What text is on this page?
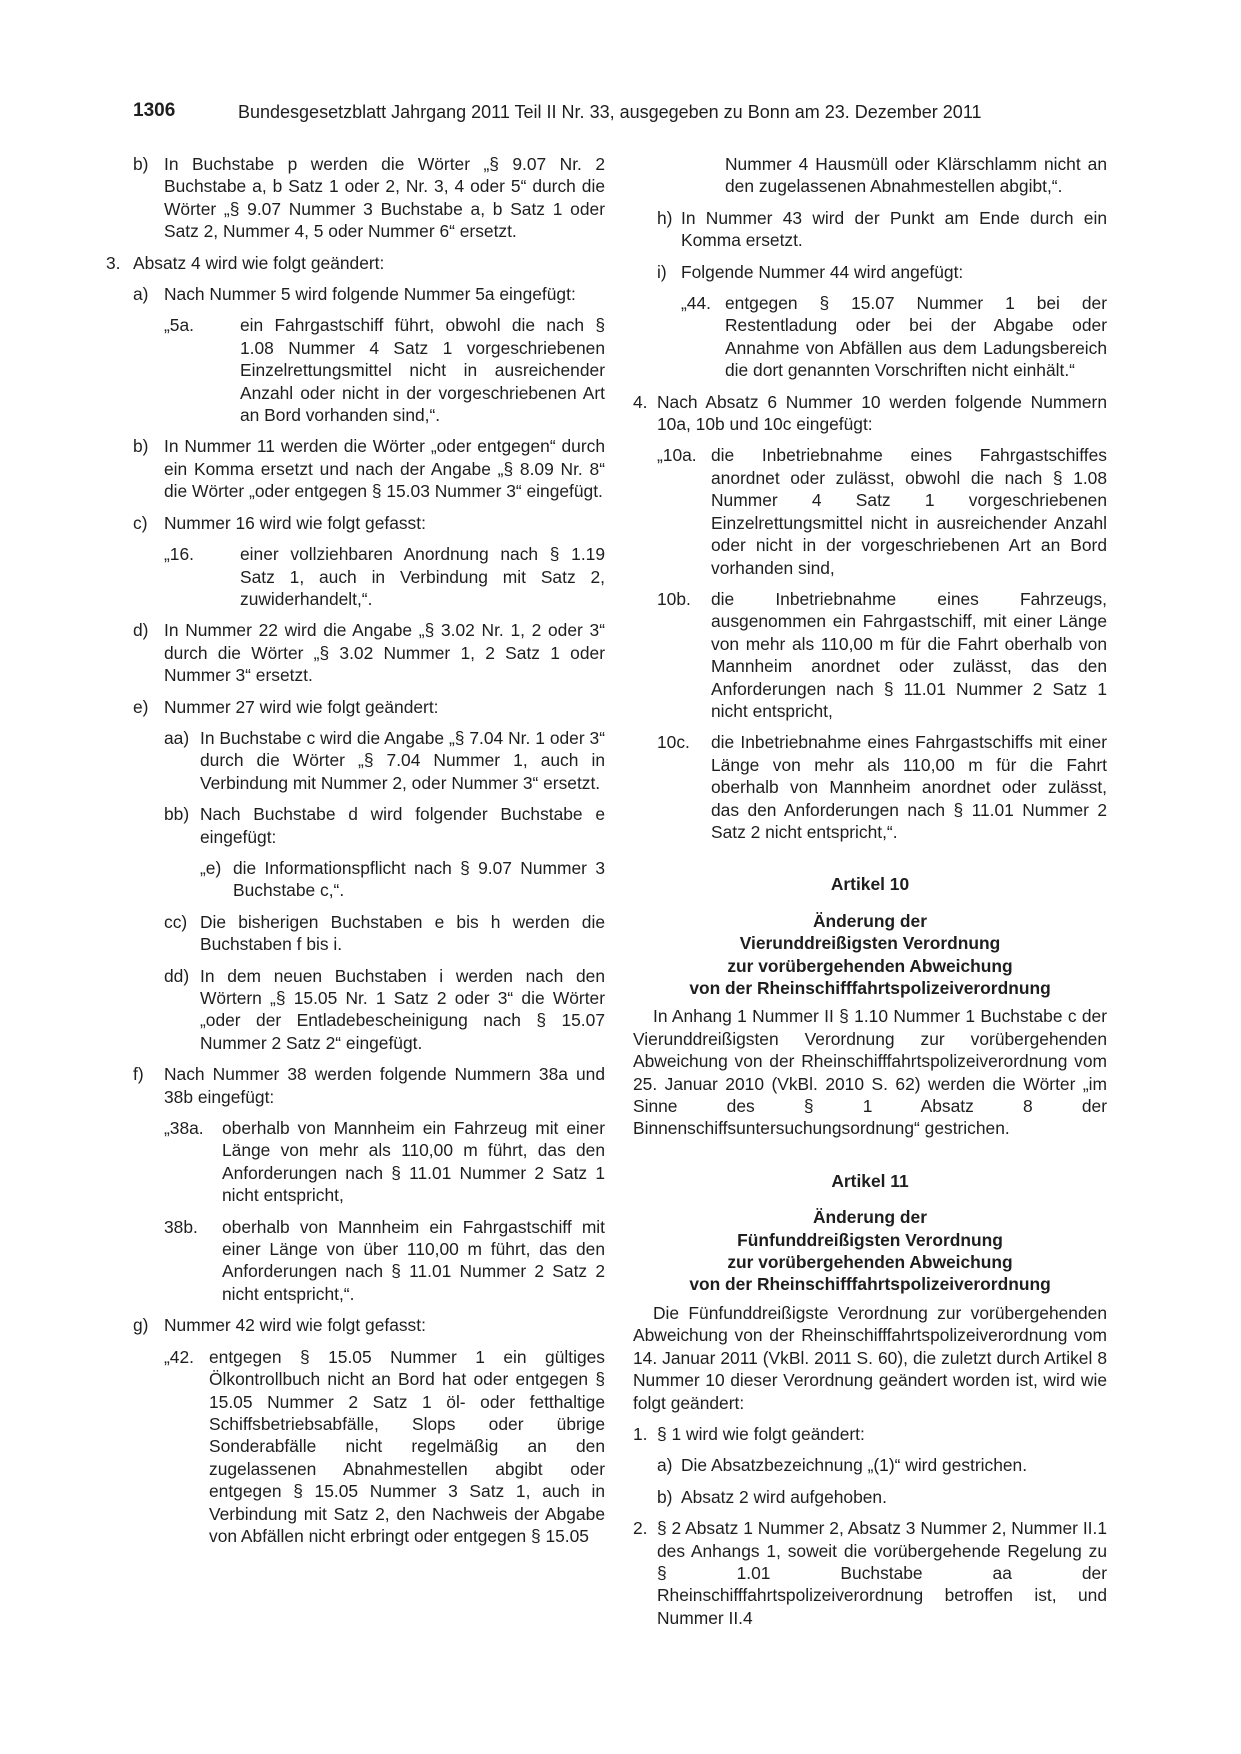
1306	Bundesgesetzblatt Jahrgang 2011 Teil II Nr. 33, ausgegeben zu Bonn am 23. Dezember 2011
b) In Buchstabe p werden die Wörter „§ 9.07 Nr. 2 Buchstabe a, b Satz 1 oder 2, Nr. 3, 4 oder 5“ durch die Wörter „§ 9.07 Nummer 3 Buchstabe a, b Satz 1 oder Satz 2, Nummer 4, 5 oder Nummer 6“ ersetzt.
3. Absatz 4 wird wie folgt geändert:
a) Nach Nummer 5 wird folgende Nummer 5a eingefügt:
„5a.	ein Fahrgastschiff führt, obwohl die nach § 1.08 Nummer 4 Satz 1 vorgeschriebenen Einzelrettungsmittel nicht in ausreichender Anzahl oder nicht in der vorgeschriebenen Art an Bord vorhanden sind,“.
b) In Nummer 11 werden die Wörter „oder entgegen“ durch ein Komma ersetzt und nach der Angabe „§ 8.09 Nr. 8“ die Wörter „oder entgegen § 15.03 Nummer 3“ eingefügt.
c) Nummer 16 wird wie folgt gefasst:
„16.	einer vollziehbaren Anordnung nach § 1.19 Satz 1, auch in Verbindung mit Satz 2, zuwiderhandelt,“.
d) In Nummer 22 wird die Angabe „§ 3.02 Nr. 1, 2 oder 3“ durch die Wörter „§ 3.02 Nummer 1, 2 Satz 1 oder Nummer 3“ ersetzt.
e) Nummer 27 wird wie folgt geändert:
aa) In Buchstabe c wird die Angabe „§ 7.04 Nr. 1 oder 3“ durch die Wörter „§ 7.04 Nummer 1, auch in Verbindung mit Nummer 2, oder Nummer 3“ ersetzt.
bb) Nach Buchstabe d wird folgender Buchstabe e eingefügt:
„e) die Informationspflicht nach § 9.07 Nummer 3 Buchstabe c,“.
cc) Die bisherigen Buchstaben e bis h werden die Buchstaben f bis i.
dd) In dem neuen Buchstaben i werden nach den Wörtern „§ 15.05 Nr. 1 Satz 2 oder 3“ die Wörter „oder der Entladebescheinigung nach § 15.07 Nummer 2 Satz 2“ eingefügt.
f) Nach Nummer 38 werden folgende Nummern 38a und 38b eingefügt:
„38a. oberhalb von Mannheim ein Fahrzeug mit einer Länge von mehr als 110,00 m führt, das den Anforderungen nach § 11.01 Nummer 2 Satz 1 nicht entspricht,
38b. oberhalb von Mannheim ein Fahrgastschiff mit einer Länge von über 110,00 m führt, das den Anforderungen nach § 11.01 Nummer 2 Satz 2 nicht entspricht,“.
g) Nummer 42 wird wie folgt gefasst:
„42. entgegen § 15.05 Nummer 1 ein gültiges Ölkontrollbuch nicht an Bord hat oder entgegen § 15.05 Nummer 2 Satz 1 öl- oder fetthaltige Schiffsbetriebsabfälle, Slops oder übrige Sonderabfälle nicht regelmäßig an den zugelassenen Abnahmestellen abgibt oder entgegen § 15.05 Nummer 3 Satz 1, auch in Verbindung mit Satz 2, den Nachweis der Abgabe von Abfällen nicht erbringt oder entgegen § 15.05
Nummer 4 Hausmüll oder Klärschlamm nicht an den zugelassenen Abnahmestellen abgibt,“.
h) In Nummer 43 wird der Punkt am Ende durch ein Komma ersetzt.
i) Folgende Nummer 44 wird angefügt:
„44. entgegen § 15.07 Nummer 1 bei der Restentladung oder bei der Abgabe oder Annahme von Abfällen aus dem Ladungsbereich die dort genannten Vorschriften nicht einhält.“
4. Nach Absatz 6 Nummer 10 werden folgende Nummern 10a, 10b und 10c eingefügt:
„10a. die Inbetriebnahme eines Fahrgastschiffes anordnet oder zulässt, obwohl die nach § 1.08 Nummer 4 Satz 1 vorgeschriebenen Einzelrettungsmittel nicht in ausreichender Anzahl oder nicht in der vorgeschriebenen Art an Bord vorhanden sind,
10b. die Inbetriebnahme eines Fahrzeugs, ausgenommen ein Fahrgastschiff, mit einer Länge von mehr als 110,00 m für die Fahrt oberhalb von Mannheim anordnet oder zulässt, das den Anforderungen nach § 11.01 Nummer 2 Satz 1 nicht entspricht,
10c. die Inbetriebnahme eines Fahrgastschiffs mit einer Länge von mehr als 110,00 m für die Fahrt oberhalb von Mannheim anordnet oder zulässt, das den Anforderungen nach § 11.01 Nummer 2 Satz 2 nicht entspricht,“.
Artikel 10
Änderung der
Vierunddreißigsten Verordnung
zur vorübergehenden Abweichung
von der Rheinschifffahrtspolizeiverordnung

In Anhang 1 Nummer II § 1.10 Nummer 1 Buchstabe c der Vierunddreißigsten Verordnung zur vorübergehenden Abweichung von der Rheinschifffahrtspolizeiverordnung vom 25. Januar 2010 (VkBl. 2010 S. 62) werden die Wörter „im Sinne des § 1 Absatz 8 der Binnenschiffsuntersuchungsordnung“ gestrichen.

Artikel 11
Änderung der
Fünfunddreißigsten Verordnung
zur vorübergehenden Abweichung
von der Rheinschifffahrtspolizeiverordnung

Die Fünfunddreißigste Verordnung zur vorübergehenden Abweichung von der Rheinschifffahrtspolizeiverordnung vom 14. Januar 2011 (VkBl. 2011 S. 60), die zuletzt durch Artikel 8 Nummer 10 dieser Verordnung geändert worden ist, wird wie folgt geändert:

1. § 1 wird wie folgt geändert:
a) Die Absatzbezeichnung „(1)“ wird gestrichen.
b) Absatz 2 wird aufgehoben.
2. § 2 Absatz 1 Nummer 2, Absatz 3 Nummer 2, Nummer II.1 des Anhangs 1, soweit die vorübergehende Regelung zu § 1.01 Buchstabe aa der Rheinschifffahrtspolizeiverordnung betroffen ist, und Nummer II.4
